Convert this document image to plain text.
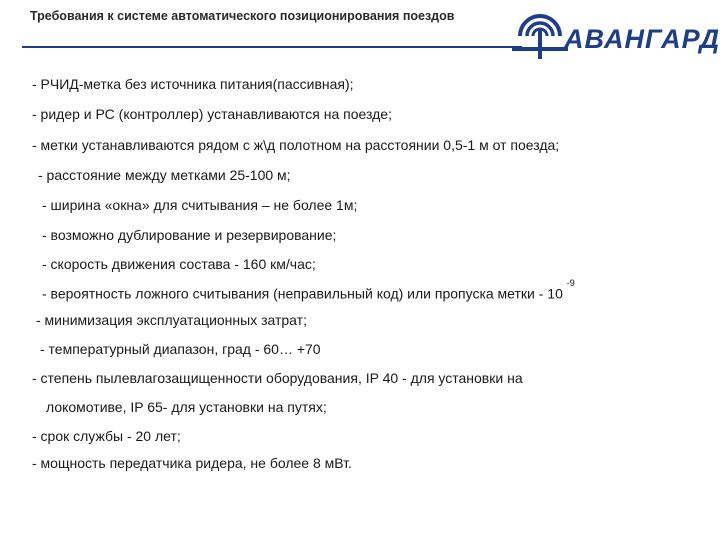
Требования к системе автоматического позиционирования поездов
АВАНГАРД
- РЧИД-метка без источника питания(пассивная);
- ридер и РС (контроллер) устанавливаются на поезде;
- метки устанавливаются рядом с ж\д полотном на расстоянии 0,5-1 м от поезда;
- расстояние между метками 25-100 м;
- ширина «окна» для считывания – не более 1м;
- возможно дублирование и резервирование;
- скорость движения состава - 160 км/час;
- вероятность ложного считывания (неправильный код) или пропуска метки - 10 $^{-9}$
- минимизация эксплуатационных затрат;
- температурный диапазон, град - 60… +70
- степень пылевлагозащищенности оборудования, IP 40 - для установки на
локомотиве, IP 65- для установки на путях;
- срок службы - 20 лет;
- мощность передатчика ридера, не более 8 мВт.
